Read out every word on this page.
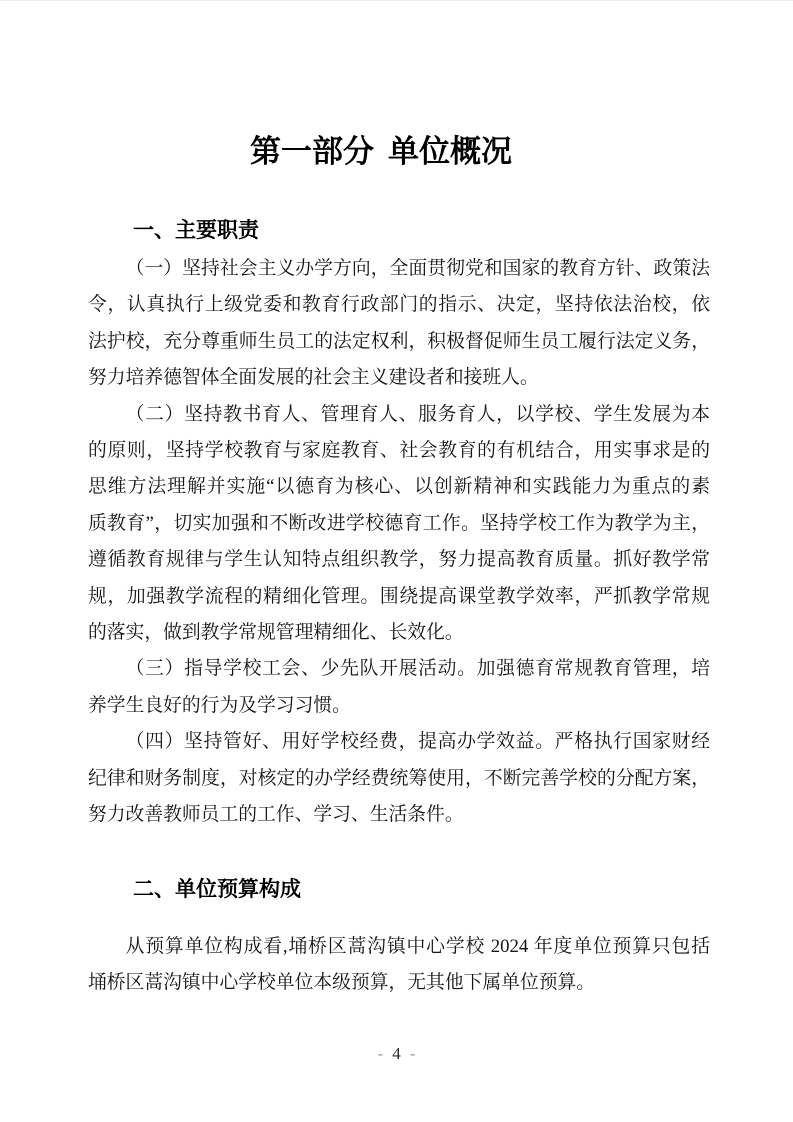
第一部分 单位概况
一、主要职责
（一）坚持社会主义办学方向，全面贯彻党和国家的教育方针、政策法
令，认真执行上级党委和教育行政部门的指示、决定，坚持依法治校，依
法护校，充分尊重师生员工的法定权利，积极督促师生员工履行法定义务，
努力培养德智体全面发展的社会主义建设者和接班人。
（二）坚持教书育人、管理育人、服务育人，以学校、学生发展为本
的原则，坚持学校教育与家庭教育、社会教育的有机结合，用实事求是的
思维方法理解并实施“以德育为核心、以创新精神和实践能力为重点的素
质教育”，切实加强和不断改进学校德育工作。坚持学校工作为教学为主，
遵循教育规律与学生认知特点组织教学，努力提高教育质量。抓好教学常
规，加强教学流程的精细化管理。围绕提高课堂教学效率，严抓教学常规
的落实，做到教学常规管理精细化、长效化。
（三）指导学校工会、少先队开展活动。加强德育常规教育管理，培
养学生良好的行为及学习习惯。
（四）坚持管好、用好学校经费，提高办学效益。严格执行国家财经
纪律和财务制度，对核定的办学经费统筹使用，不断完善学校的分配方案，
努力改善教师员工的工作、学习、生活条件。
二、单位预算构成
从预算单位构成看,埇桥区蒿沟镇中心学校 2024 年度单位预算只包括
埇桥区蒿沟镇中心学校单位本级预算，无其他下属单位预算。
- 4 -
